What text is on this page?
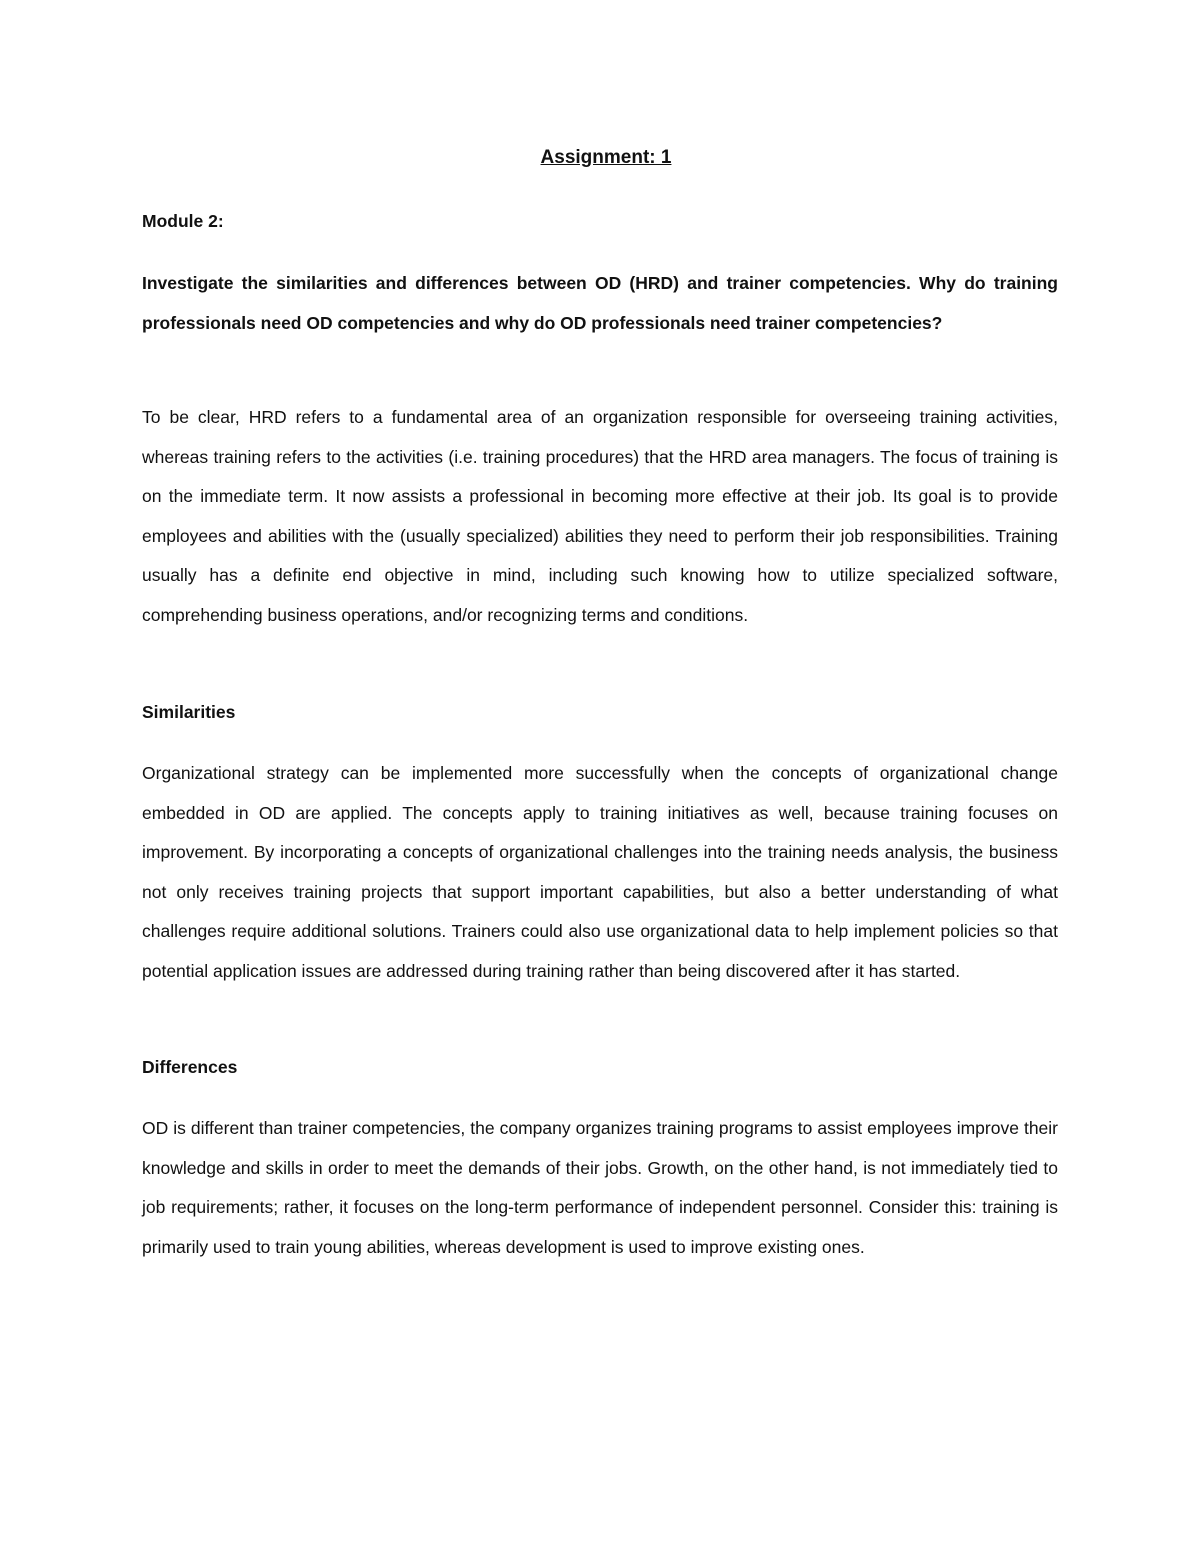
Assignment: 1

Module 2:

Investigate the similarities and differences between OD (HRD) and trainer competencies. Why do training professionals need OD competencies and why do OD professionals need trainer competencies?

To be clear, HRD refers to a fundamental area of an organization responsible for overseeing training activities, whereas training refers to the activities (i.e. training procedures) that the HRD area managers. The focus of training is on the immediate term. It now assists a professional in becoming more effective at their job. Its goal is to provide employees and abilities with the (usually specialized) abilities they need to perform their job responsibilities. Training usually has a definite end objective in mind, including such knowing how to utilize specialized software, comprehending business operations, and/or recognizing terms and conditions.

Similarities

Organizational strategy can be implemented more successfully when the concepts of organizational change embedded in OD are applied. The concepts apply to training initiatives as well, because training focuses on improvement. By incorporating a concepts of organizational challenges into the training needs analysis, the business not only receives training projects that support important capabilities, but also a better understanding of what challenges require additional solutions. Trainers could also use organizational data to help implement policies so that potential application issues are addressed during training rather than being discovered after it has started.

Differences

OD is different than trainer competencies, the company organizes training programs to assist employees improve their knowledge and skills in order to meet the demands of their jobs. Growth, on the other hand, is not immediately tied to job requirements; rather, it focuses on the long-term performance of independent personnel. Consider this: training is primarily used to train young abilities, whereas development is used to improve existing ones.
